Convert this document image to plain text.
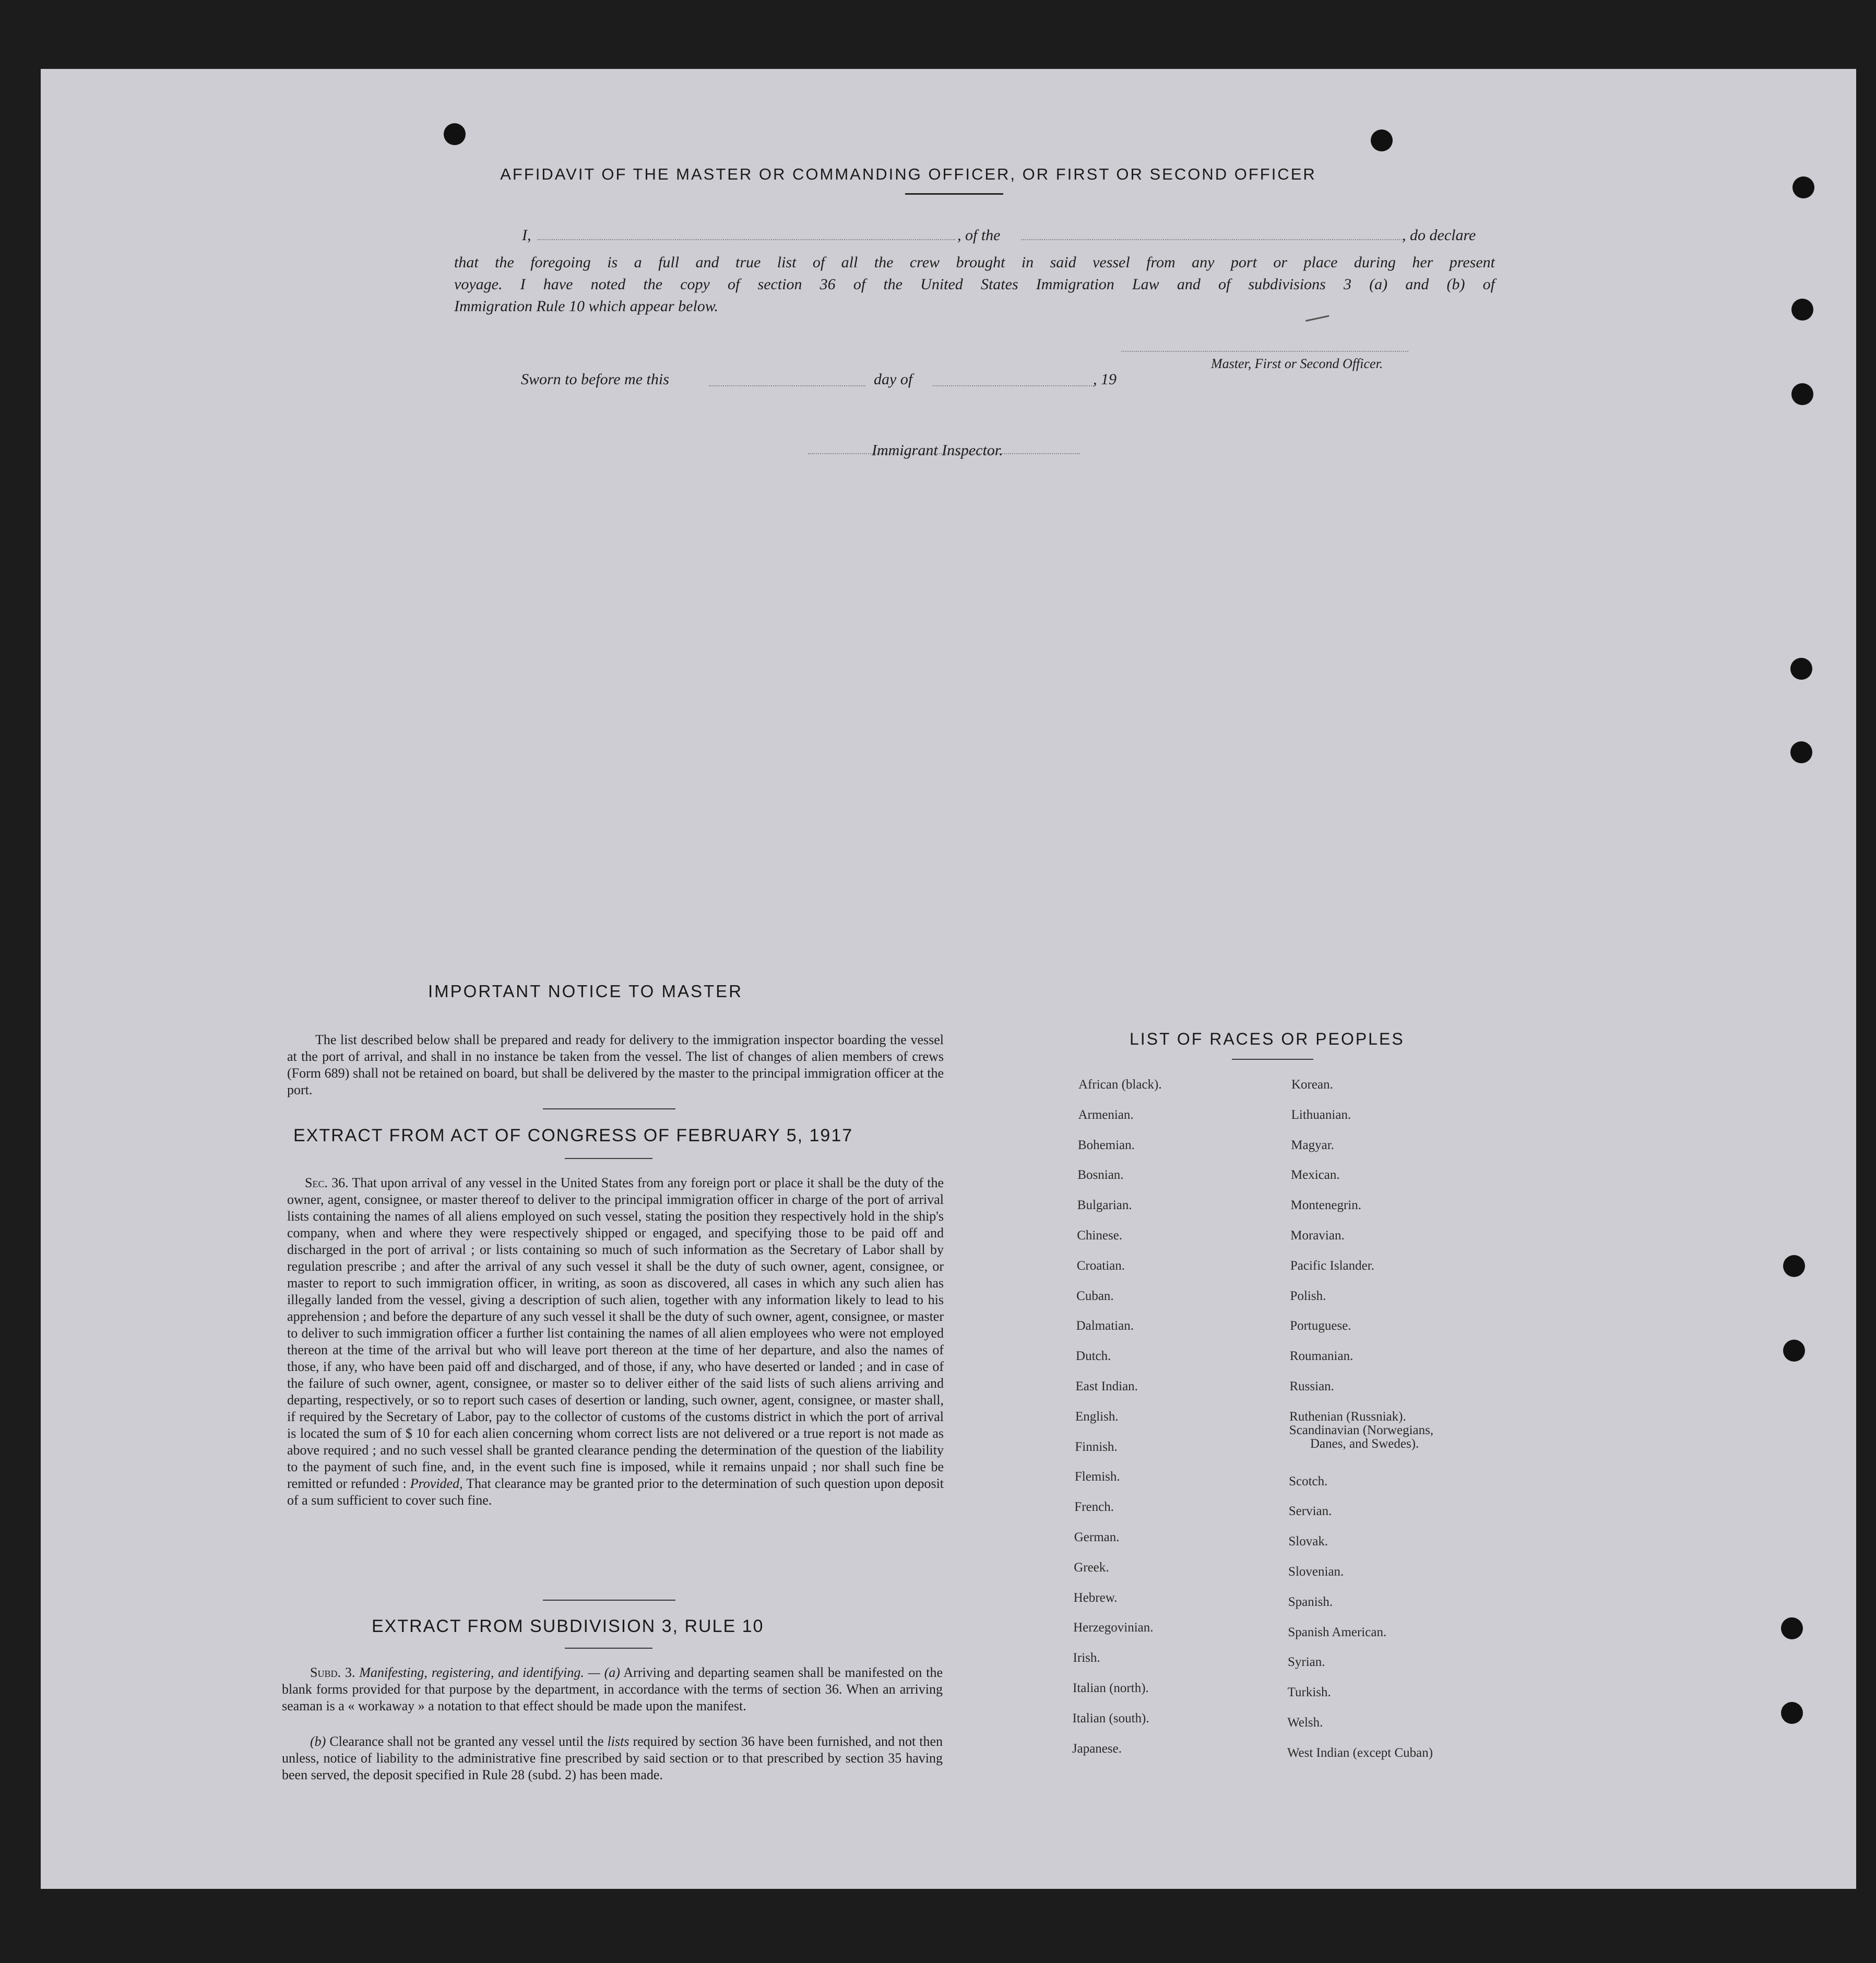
AFFIDAVIT OF THE MASTER OR COMMANDING OFFICER, OR FIRST OR SECOND OFFICER
I,	, of the	, do declare
that the foregoing is a full and true list of all the crew brought in said vessel from any port or place during her present
voyage. I have noted the copy of section 36 of the United States Immigration Law and of subdivisions 3 (a) and (b) of
Immigration Rule 10 which appear below.
Master, First or Second Officer.
Sworn to before me this	day of	, 19
Immigrant Inspector.
IMPORTANT NOTICE TO MASTER
The list described below shall be prepared and ready for delivery to the immigration inspector boarding the vessel at the port of arrival, and shall in no instance be taken from the vessel. The list of changes of alien members of crews (Form 689) shall not be retained on board, but shall be delivered by the master to the principal immigration officer at the port.
EXTRACT FROM ACT OF CONGRESS OF FEBRUARY 5, 1917
Sec. 36. That upon arrival of any vessel in the United States from any foreign port or place it shall be the duty of the owner, agent, consignee, or master thereof to deliver to the principal immigration officer in charge of the port of arrival lists containing the names of all aliens employed on such vessel, stating the position they respectively hold in the ship's company, when and where they were respectively shipped or engaged, and specifying those to be paid off and discharged in the port of arrival ; or lists containing so much of such information as the Secretary of Labor shall by regulation prescribe ; and after the arrival of any such vessel it shall be the duty of such owner, agent, consignee, or master to report to such immigration officer, in writing, as soon as discovered, all cases in which any such alien has illegally landed from the vessel, giving a description of such alien, together with any information likely to lead to his apprehension ; and before the departure of any such vessel it shall be the duty of such owner, agent, consignee, or master to deliver to such immigration officer a further list containing the names of all alien employees who were not employed thereon at the time of the arrival but who will leave port thereon at the time of her departure, and also the names of those, if any, who have been paid off and discharged, and of those, if any, who have deserted or landed ; and in case of the failure of such owner, agent, consignee, or master so to deliver either of the said lists of such aliens arriving and departing, respectively, or so to report such cases of desertion or landing, such owner, agent, consignee, or master shall, if required by the Secretary of Labor, pay to the collector of customs of the customs district in which the port of arrival is located the sum of $ 10 for each alien concerning whom correct lists are not delivered or a true report is not made as above required ; and no such vessel shall be granted clearance pending the determination of the question of the liability to the payment of such fine, and, in the event such fine is imposed, while it remains unpaid ; nor shall such fine be remitted or refunded : Provided, That clearance may be granted prior to the determination of such question upon deposit of a sum sufficient to cover such fine.
EXTRACT FROM SUBDIVISION 3, RULE 10
Subd. 3. Manifesting, registering, and identifying. — (a) Arriving and departing seamen shall be manifested on the blank forms provided for that purpose by the department, in accordance with the terms of section 36. When an arriving seaman is a « workaway » a notation to that effect should be made upon the manifest.
(b) Clearance shall not be granted any vessel until the lists required by section 36 have been furnished, and not then unless, notice of liability to the administrative fine prescribed by said section or to that prescribed by section 35 having been served, the deposit specified in Rule 28 (subd. 2) has been made.
LIST OF RACES OR PEOPLES
African (black).
Armenian.
Bohemian.
Bosnian.
Bulgarian.
Chinese.
Croatian.
Cuban.
Dalmatian.
Dutch.
East Indian.
English.
Finnish.
Flemish.
French.
German.
Greek.
Hebrew.
Herzegovinian.
Irish.
Italian (north).
Italian (south).
Japanese.
Korean.
Lithuanian.
Magyar.
Mexican.
Montenegrin.
Moravian.
Pacific Islander.
Polish.
Portuguese.
Roumanian.
Russian.
Ruthenian (Russniak).
Scandinavian (Norwegians,
Danes, and Swedes).
Scotch.
Servian.
Slovak.
Slovenian.
Spanish.
Spanish American.
Syrian.
Turkish.
Welsh.
West Indian (except Cuban)
